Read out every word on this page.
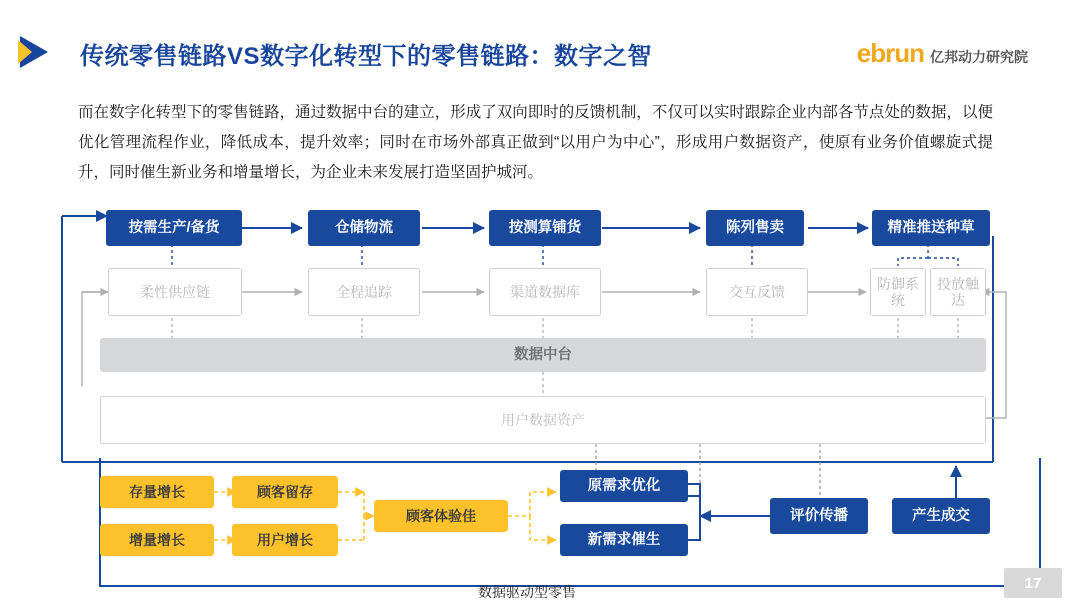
传统零售链路VS数字化转型下的零售链路：数字之智	ebrun 亿邦动力研究院
而在数字化转型下的零售链路，通过数据中台的建立，形成了双向即时的反馈机制，不仅可以实时跟踪企业内部各节点处的数据，以便优化管理流程作业，降低成本，提升效率；同时在市场外部真正做到“以用户为中心”，形成用户数据资产，使原有业务价值螺旋式提升，同时催生新业务和增量增长，为企业未来发展打造坚固护城河。
按需生产/备货	仓储物流	按测算铺货	陈列售卖	精准推送种草
柔性供应链	全程追踪	渠道数据库	交互反馈	防御系统
投放触达
数据中台
用户数据资产
存量增长	顾客留存
增量增长	用户增长
顾客体验佳
原需求优化
新需求催生
评价传播	产生成交
数据驱动型零售
17
